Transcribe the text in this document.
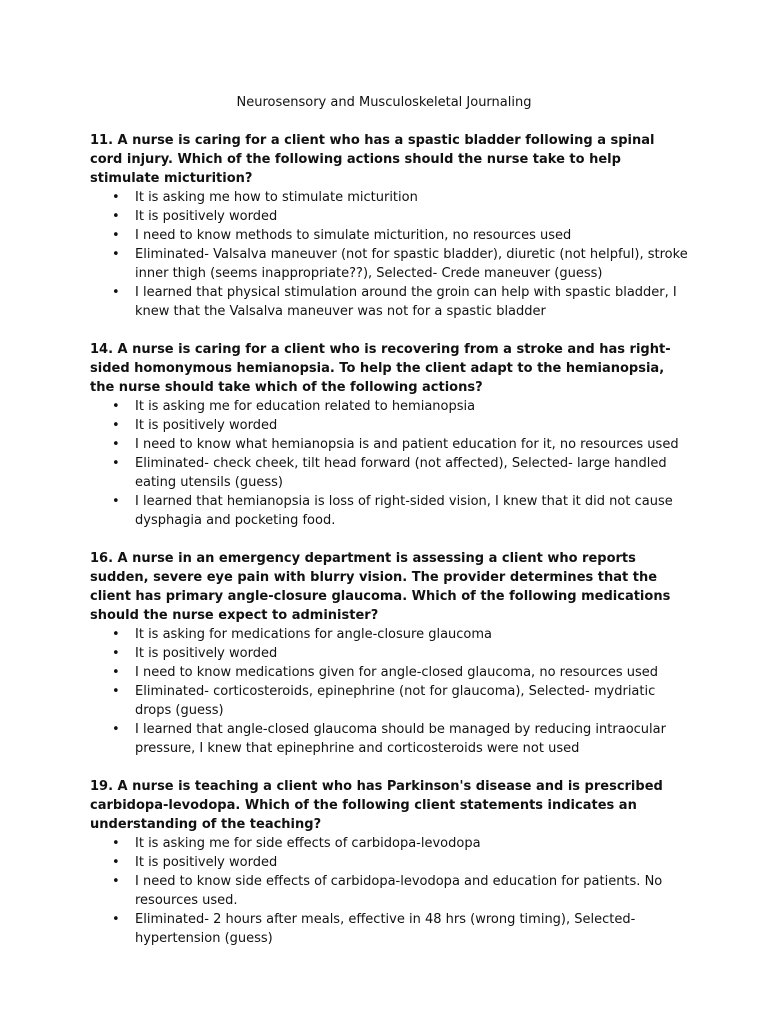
Neurosensory and Musculoskeletal Journaling

11. A nurse is caring for a client who has a spastic bladder following a spinal cord injury. Which of the following actions should the nurse take to help stimulate micturition?

• It is asking me how to stimulate micturition
• It is positively worded
• I need to know methods to simulate micturition, no resources used
• Eliminated- Valsalva maneuver (not for spastic bladder), diuretic (not helpful), stroke inner thigh (seems inappropriate??), Selected- Crede maneuver (guess)
• I learned that physical stimulation around the groin can help with spastic bladder, I knew that the Valsalva maneuver was not for a spastic bladder

14. A nurse is caring for a client who is recovering from a stroke and has right-sided homonymous hemianopsia. To help the client adapt to the hemianopsia, the nurse should take which of the following actions?

• It is asking me for education related to hemianopsia
• It is positively worded
• I need to know what hemianopsia is and patient education for it, no resources used
• Eliminated- check cheek, tilt head forward (not affected), Selected- large handled eating utensils (guess)
• I learned that hemianopsia is loss of right-sided vision, I knew that it did not cause dysphagia and pocketing food.

16. A nurse in an emergency department is assessing a client who reports sudden, severe eye pain with blurry vision. The provider determines that the client has primary angle-closure glaucoma. Which of the following medications should the nurse expect to administer?

• It is asking for medications for angle-closure glaucoma
• It is positively worded
• I need to know medications given for angle-closed glaucoma, no resources used
• Eliminated- corticosteroids, epinephrine (not for glaucoma), Selected- mydriatic drops (guess)
• I learned that angle-closed glaucoma should be managed by reducing intraocular pressure, I knew that epinephrine and corticosteroids were not used

19. A nurse is teaching a client who has Parkinson's disease and is prescribed carbidopa-levodopa. Which of the following client statements indicates an understanding of the teaching?

• It is asking me for side effects of carbidopa-levodopa
• It is positively worded
• I need to know side effects of carbidopa-levodopa and education for patients. No resources used.
• Eliminated- 2 hours after meals, effective in 48 hrs (wrong timing), Selected-hypertension (guess)
